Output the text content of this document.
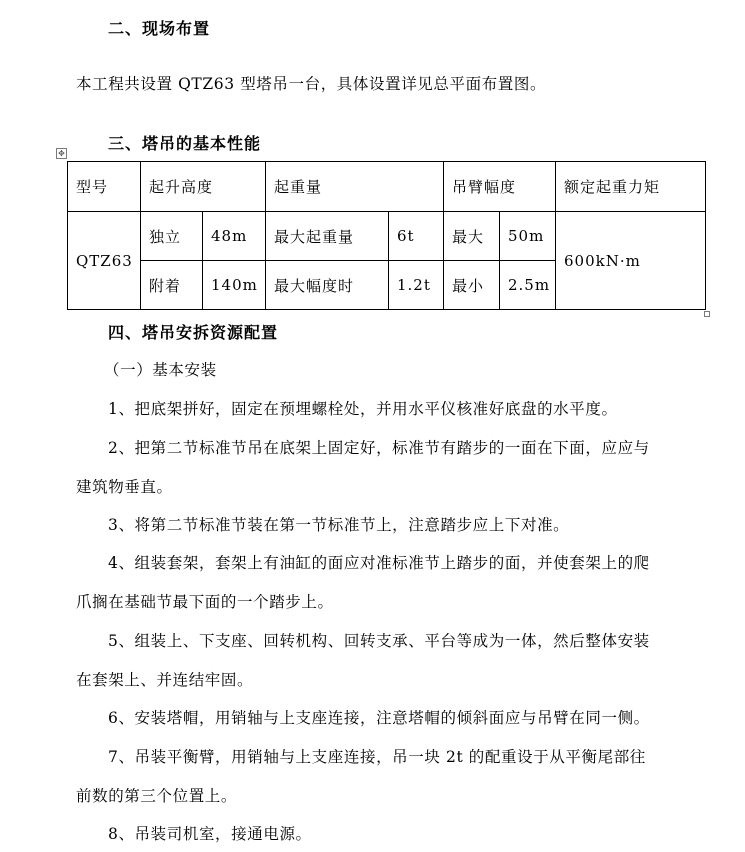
二、现场布置
本工程共设置 QTZ63 型塔吊一台，具体设置详见总平面布置图。
三、塔吊的基本性能
✥
型号	起升高度		起重量		吊臂幅度		额定起重力矩
QTZ63	独立	48m	最大起重量	6t	最大	50m	600kN·m
	附着	140m	最大幅度时	1.2t	最小	2.5m	
四、塔吊安拆资源配置
（一）基本安装
1、把底架拼好，固定在预埋螺栓处，并用水平仪核准好底盘的水平度。
2、把第二节标准节吊在底架上固定好，标准节有踏步的一面在下面，应应与
建筑物垂直。
3、将第二节标准节装在第一节标准节上，注意踏步应上下对准。
4、组装套架，套架上有油缸的面应对准标准节上踏步的面，并使套架上的爬
爪搁在基础节最下面的一个踏步上。
5、组装上、下支座、回转机构、回转支承、平台等成为一体，然后整体安装
在套架上、并连结牢固。
6、安装塔帽，用销轴与上支座连接，注意塔帽的倾斜面应与吊臂在同一侧。
7、吊装平衡臂，用销轴与上支座连接，吊一块 2t 的配重设于从平衡尾部往
前数的第三个位置上。
8、吊装司机室，接通电源。
